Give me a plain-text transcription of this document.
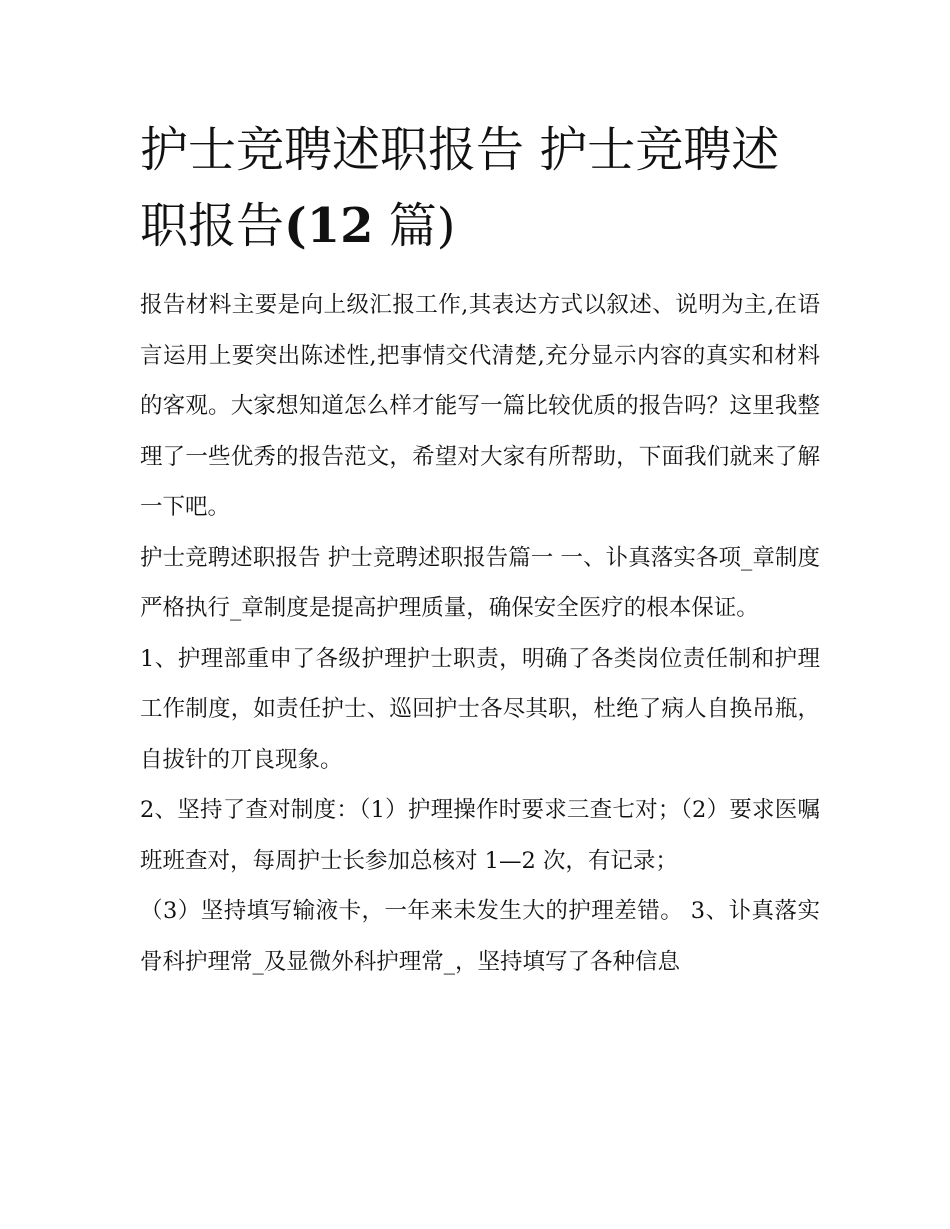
护士竞聘述职报告 护士竞聘述职报告(12 篇)

报告材料主要是向上级汇报工作,其表达方式以叙述、说明为主,在语言运用上要突出陈述性,把事情交代清楚,充分显示内容的真实和材料的客观。大家想知道怎么样才能写一篇比较优质的报告吗？这里我整理了一些优秀的报告范文，希望对大家有所帮助，下面我们就来了解一下吧。

护士竞聘述职报告 护士竞聘述职报告篇一 一、讣真落实各项_章制度严格执行_章制度是提高护理质量，确保安全医疗的根本保证。

1、护理部重申了各级护理护士职责，明确了各类岗位责任制和护理工作制度，如责任护士、巡回护士各尽其职，杜绝了病人自换吊瓶，自拔针的丌良现象。

2、坚持了查对制度：（1）护理操作时要求三查七对；（2）要求医嘱班班查对，每周护士长参加总核对 1—2 次，有记录；

（3）坚持填写输液卡，一年来未发生大的护理差错。 3、讣真落实骨科护理常_及显微外科护理常_，坚持填写了各种信息
